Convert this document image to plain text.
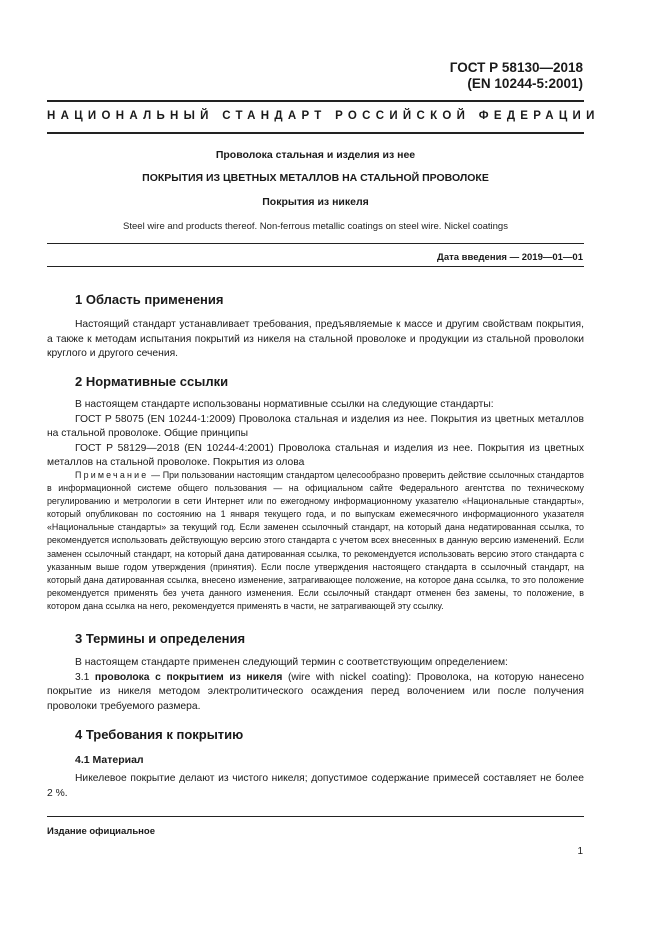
ГОСТ Р 58130—2018
(EN 10244-5:2001)
НАЦИОНАЛЬНЫЙ СТАНДАРТ РОССИЙСКОЙ ФЕДЕРАЦИИ
Проволока стальная и изделия из нее
ПОКРЫТИЯ ИЗ ЦВЕТНЫХ МЕТАЛЛОВ НА СТАЛЬНОЙ ПРОВОЛОКЕ
Покрытия из никеля
Steel wire and products thereof. Non-ferrous metallic coatings on steel wire. Nickel coatings
Дата введения — 2019—01—01
1 Область применения

Настоящий стандарт устанавливает требования, предъявляемые к массе и другим свойствам покрытия, а также к методам испытания покрытий из никеля на стальной проволоке и продукции из стальной проволоки круглого и другого сечения.

2 Нормативные ссылки

В настоящем стандарте использованы нормативные ссылки на следующие стандарты:

ГОСТ Р 58075 (EN 10244-1:2009) Проволока стальная и изделия из нее. Покрытия из цветных металлов на стальной проволоке. Общие принципы

ГОСТ Р 58129—2018 (EN 10244-4:2001) Проволока стальная и изделия из нее. Покрытия из цветных металлов на стальной проволоке. Покрытия из олова

Примечание — При пользовании настоящим стандартом целесообразно проверить действие ссылочных стандартов в информационной системе общего пользования — на официальном сайте Федерального агентства по техническому регулированию и метрологии в сети Интернет или по ежегодному информационному указателю «Национальные стандарты», который опубликован по состоянию на 1 января текущего года, и по выпускам ежемесячного информационного указателя «Национальные стандарты» за текущий год. Если заменен ссылочный стандарт, на который дана недатированная ссылка, то рекомендуется использовать действующую версию этого стандарта с учетом всех внесенных в данную версию изменений. Если заменен ссылочный стандарт, на который дана датированная ссылка, то рекомендуется использовать версию этого стандарта с указанным выше годом утверждения (принятия). Если после утверждения настоящего стандарта в ссылочный стандарт, на который дана датированная ссылка, внесено изменение, затрагивающее положение, на которое дана ссылка, то это положение рекомендуется применять без учета данного изменения. Если ссылочный стандарт отменен без замены, то положение, в котором дана ссылка на него, рекомендуется применять в части, не затрагивающей эту ссылку.

3 Термины и определения

В настоящем стандарте применен следующий термин с соответствующим определением:

3.1 проволока с покрытием из никеля (wire with nickel coating): Проволока, на которую нанесено покрытие из никеля методом электролитического осаждения перед волочением или после получения проволоки требуемого размера.

4 Требования к покрытию
4.1 Материал

Никелевое покрытие делают из чистого никеля; допустимое содержание примесей составляет не более 2 %.

Издание официальное
1
